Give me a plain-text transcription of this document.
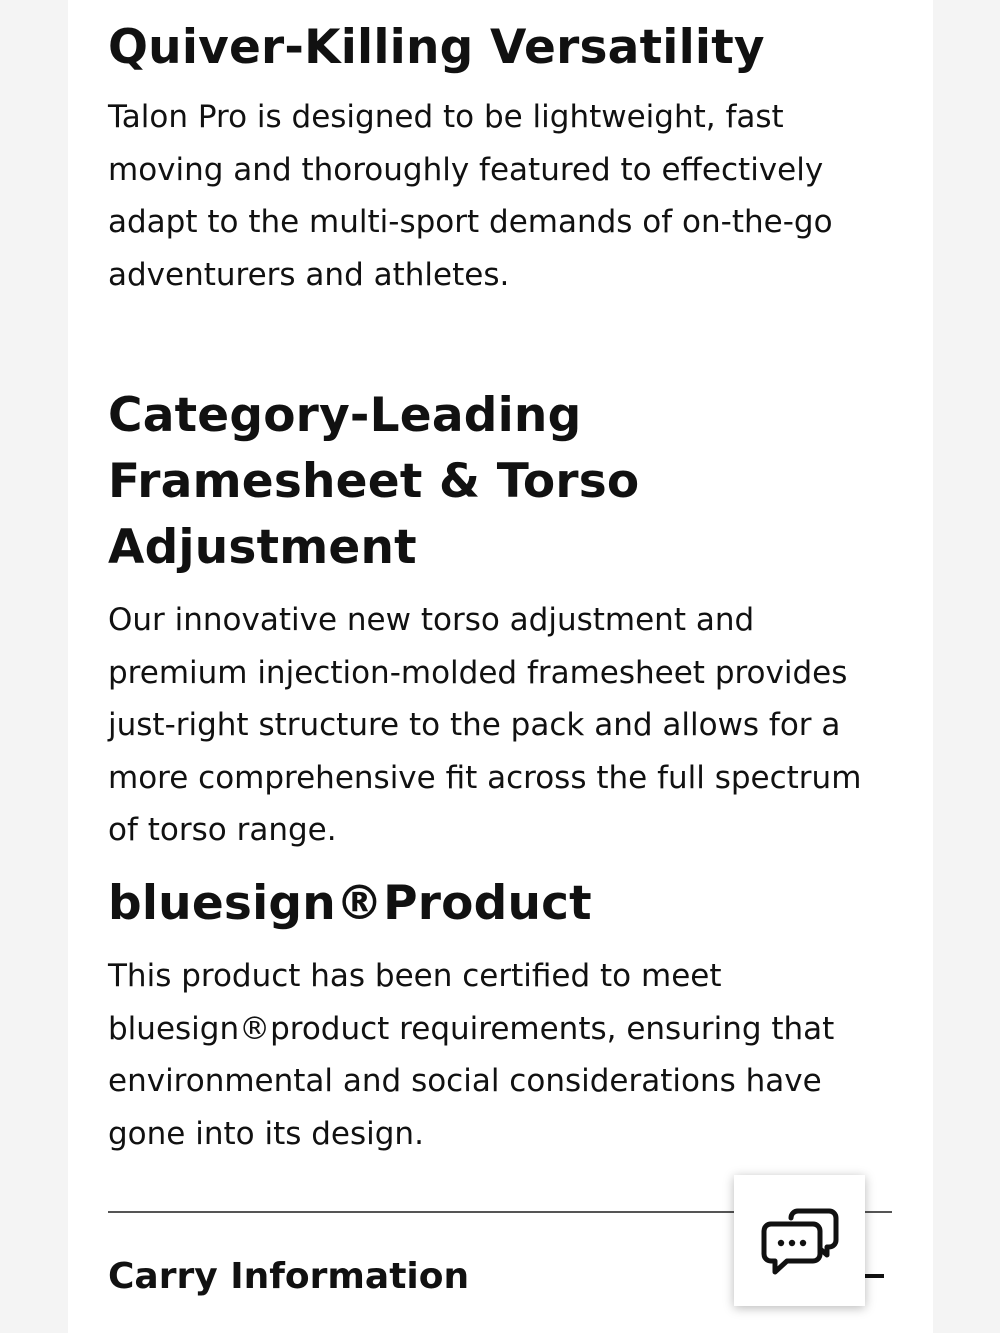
Quiver-Killing Versatility

Talon Pro is designed to be lightweight, fast moving and thoroughly featured to effectively adapt to the multi-sport demands of on-the-go adventurers and athletes.

Category-Leading Framesheet & Torso Adjustment

Our innovative new torso adjustment and premium injection-molded framesheet provides just-right structure to the pack and allows for a more comprehensive fit across the full spectrum of torso range.

bluesign®Product

This product has been certified to meet bluesign®product requirements, ensuring that environmental and social considerations have gone into its design.

Carry Information
